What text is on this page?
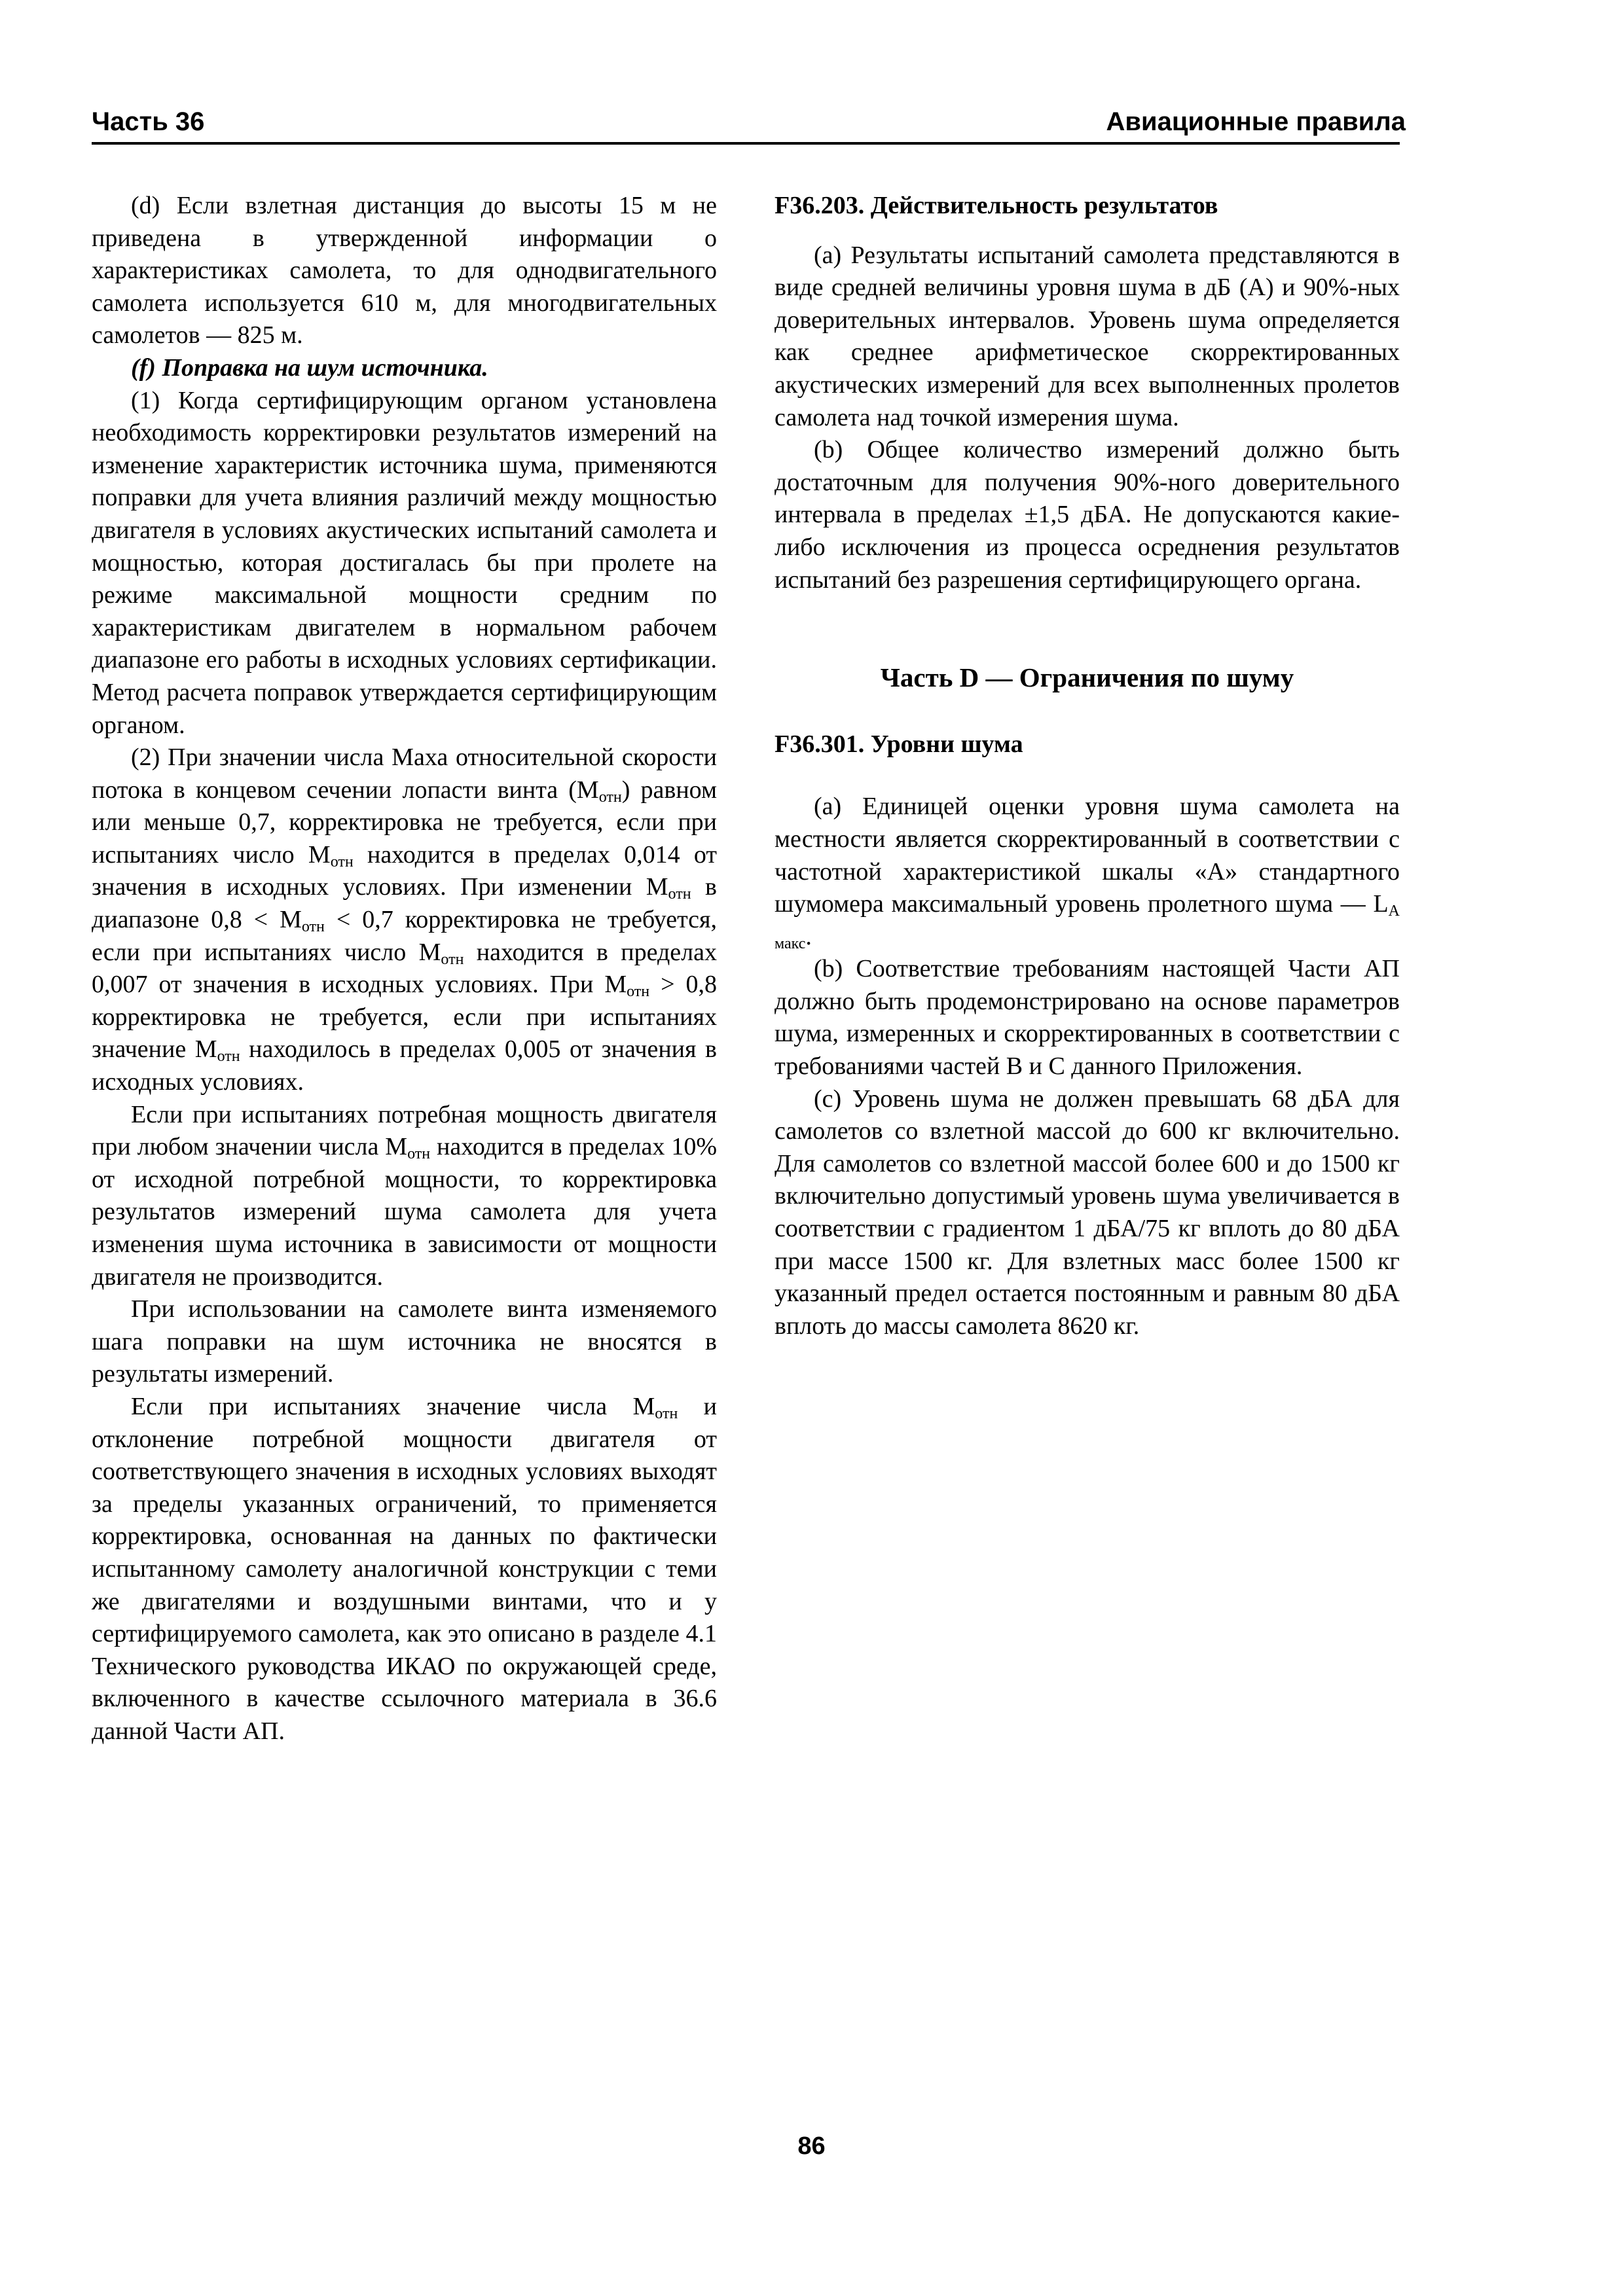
Часть 36	Авиационные правила

(d) Если взлетная дистанция до высоты 15 м не приведена в утвержденной информации о характеристиках самолета, то для однодвигательного самолета используется 610 м, для многодвигательных самолетов — 825 м.

(f) Поправка на шум источника.

(1) Когда сертифицирующим органом установлена необходимость корректировки результатов измерений на изменение характеристик источника шума, применяются поправки для учета влияния различий между мощностью двигателя в условиях акустических испытаний самолета и мощностью, которая достигалась бы при пролете на режиме максимальной мощности средним по характеристикам двигателем в нормальном рабочем диапазоне его работы в исходных условиях сертификации. Метод расчета поправок утверждается сертифицирующим органом.

(2) При значении числа Маха относительной скорости потока в концевом сечении лопасти винта $(M_{отн})$ равном или меньше 0,7, корректировка не требуется, если при испытаниях число $M_{отн}$ находится в пределах 0,014 от значения в исходных условиях. При изменении $M_{отн}$ в диапазоне $0,8 < M_{отн} < 0,7$ корректировка не требуется, если при испытаниях число $M_{отн}$ находится в пределах 0,007 от значения в исходных условиях. При $M_{отн} > 0,8$ корректировка не требуется, если при испытаниях значение $M_{отн}$ находилось в пределах 0,005 от значения в исходных условиях.

Если при испытаниях потребная мощность двигателя при любом значении числа $M_{отн}$ находится в пределах 10% от исходной потребной мощности, то корректировка результатов измерений шума самолета для учета изменения шума источника в зависимости от мощности двигателя не производится.

При использовании на самолете винта изменяемого шага поправки на шум источника не вносятся в результаты измерений.

Если при испытаниях значение числа $M_{отн}$ и отклонение потребной мощности двигателя от соответствующего значения в исходных условиях выходят за пределы указанных ограничений, то применяется корректировка, основанная на данных по фактически испытанному самолету аналогичной конструкции с теми же двигателями и воздушными винтами, что и у сертифицируемого самолета, как это описано в разделе 4.1 Технического руководства ИКАО по окружающей среде, включенного в качестве ссылочного материала в 36.6 данной Части АП.

F36.203. Действительность результатов

(a) Результаты испытаний самолета представляются в виде средней величины уровня шума в дБ (А) и 90%-ных доверительных интервалов. Уровень шума определяется как среднее арифметическое скорректированных акустических измерений для всех выполненных пролетов самолета над точкой измерения шума.

(b) Общее количество измерений должно быть достаточным для получения 90%-ного доверительного интервала в пределах ±1,5 дБА. Не допускаются какие-либо исключения из процесса осреднения результатов испытаний без разрешения сертифицирующего органа.

Часть D — Ограничения по шуму

F36.301. Уровни шума

(a) Единицей оценки уровня шума самолета на местности является скорректированный в соответствии с частотной характеристикой шкалы «А» стандартного шумомера максимальный уровень пролетного шума — $L_{A макс}$.

(b) Соответствие требованиям настоящей Части АП должно быть продемонстрировано на основе параметров шума, измеренных и скорректированных в соответствии с требованиями частей В и С данного Приложения.

(c) Уровень шума не должен превышать 68 дБА для самолетов со взлетной массой до 600 кг включительно. Для самолетов со взлетной массой более 600 и до 1500 кг включительно допустимый уровень шума увеличивается в соответствии с градиентом 1 дБА/75 кг вплоть до 80 дБА при массе 1500 кг. Для взлетных масс более 1500 кг указанный предел остается постоянным и равным 80 дБА вплоть до массы самолета 8620 кг.

86
